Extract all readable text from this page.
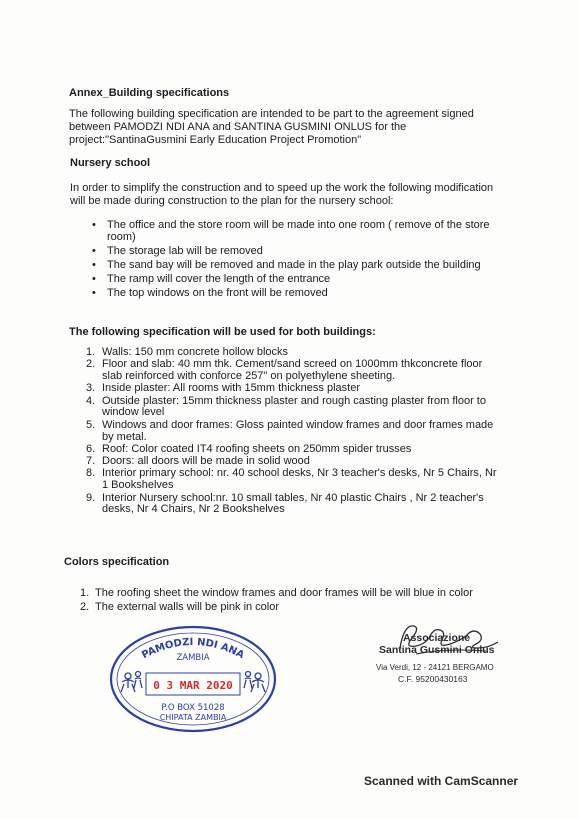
Annex_Building specifications

The following building specification are intended to be part to the agreement signed

between PAMODZI NDI ANA and SANTINA GUSMINI ONLUS for the

project:"SantinaGusmini Early Education Project Promotion"

Nursery school

In order to simplify the construction and to speed up the work the following modification

will be made during construction to the plan for the nursery school:

• The office and the store room will be made into one room ( remove of the store
room)
• The storage lab will be removed
• The sand bay will be removed and made in the play park outside the building
• The ramp will cover the length of the entrance
• The top windows on the front will be removed
The following specification will be used for both buildings:
1. Walls: 150 mm concrete hollow blocks
2. Floor and slab: 40 mm thk. Cement/sand screed on 1000mm thkconcrete floor
slab reinforced with conforce 257" on polyethylene sheeting.
3. Inside plaster: All rooms with 15mm thickness plaster
4. Outside plaster: 15mm thickness plaster and rough casting plaster from floor to
window level
5. Windows and door frames: Gloss painted window frames and door frames made
by metal.
6. Roof: Color coated IT4 roofing sheets on 250mm spider trusses
7. Doors: all doors will be made in solid wood
8. Interior primary school: nr. 40 school desks, Nr 3 teacher's desks, Nr 5 Chairs, Nr
1 Bookshelves
9. Interior Nursery school:nr. 10 small tables, Nr 40 plastic Chairs , Nr 2 teacher's
desks, Nr 4 Chairs, Nr 2 Bookshelves
Colors specification
1. The roofing sheet the window frames and door frames will be will blue in color
2. The external walls will be pink in color
PAMODZI NDI ANA
ZAMBIA
0 3 MAR 2020
P.O BOX 51028
CHIPATA ZAMBIA
Associazione
Santina Gusmini Onlus
Via Verdi, 12 - 24121 BERGAMO
C.F. 95200430163
Scanned with CamScanner
